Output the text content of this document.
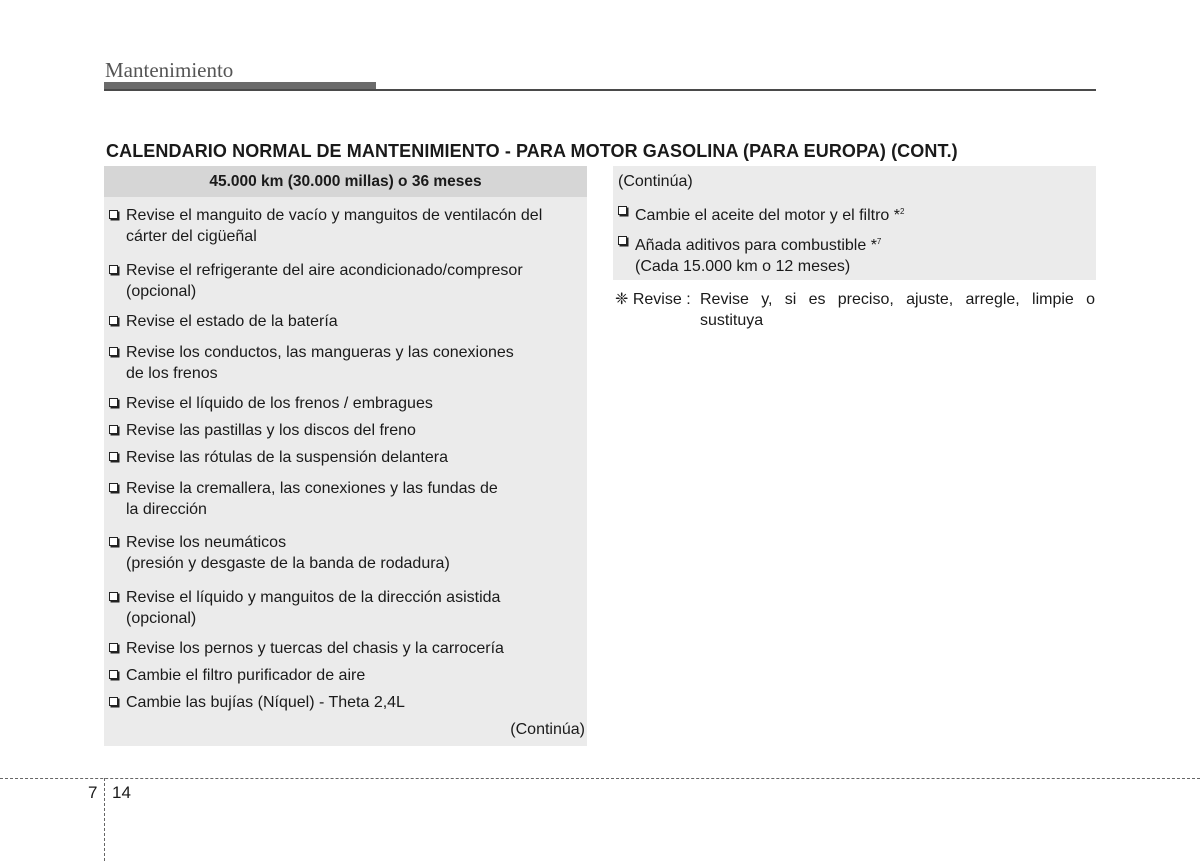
Mantenimiento
CALENDARIO NORMAL DE MANTENIMIENTO - PARA MOTOR GASOLINA (PARA EUROPA) (CONT.)
45.000 km (30.000 millas) o 36 meses
Revise el manguito de vacío y manguitos de ventilacón del
cárter del cigüeñal
Revise el refrigerante del aire acondicionado/compresor
(opcional)
Revise el estado de la batería
Revise los conductos, las mangueras y las conexiones
de los frenos
Revise el líquido de los frenos / embragues
Revise las pastillas y los discos del freno
Revise las rótulas de la suspensión delantera
Revise la cremallera, las conexiones y las fundas de
la dirección
Revise los neumáticos
(presión y desgaste de la banda de rodadura)
Revise el líquido y manguitos de la dirección asistida
(opcional)
Revise los pernos y tuercas del chasis y la carrocería
Cambie el filtro purificador de aire
Cambie las bujías (Níquel) - Theta 2,4L
(Continúa)
(Continúa)
Cambie el aceite del motor y el filtro *$^2$
Añada aditivos para combustible *$^7$
(Cada 15.000 km o 12 meses)
❈ Revise : Revise y, si es preciso, ajuste, arregle, limpie o sustituya
7 14
